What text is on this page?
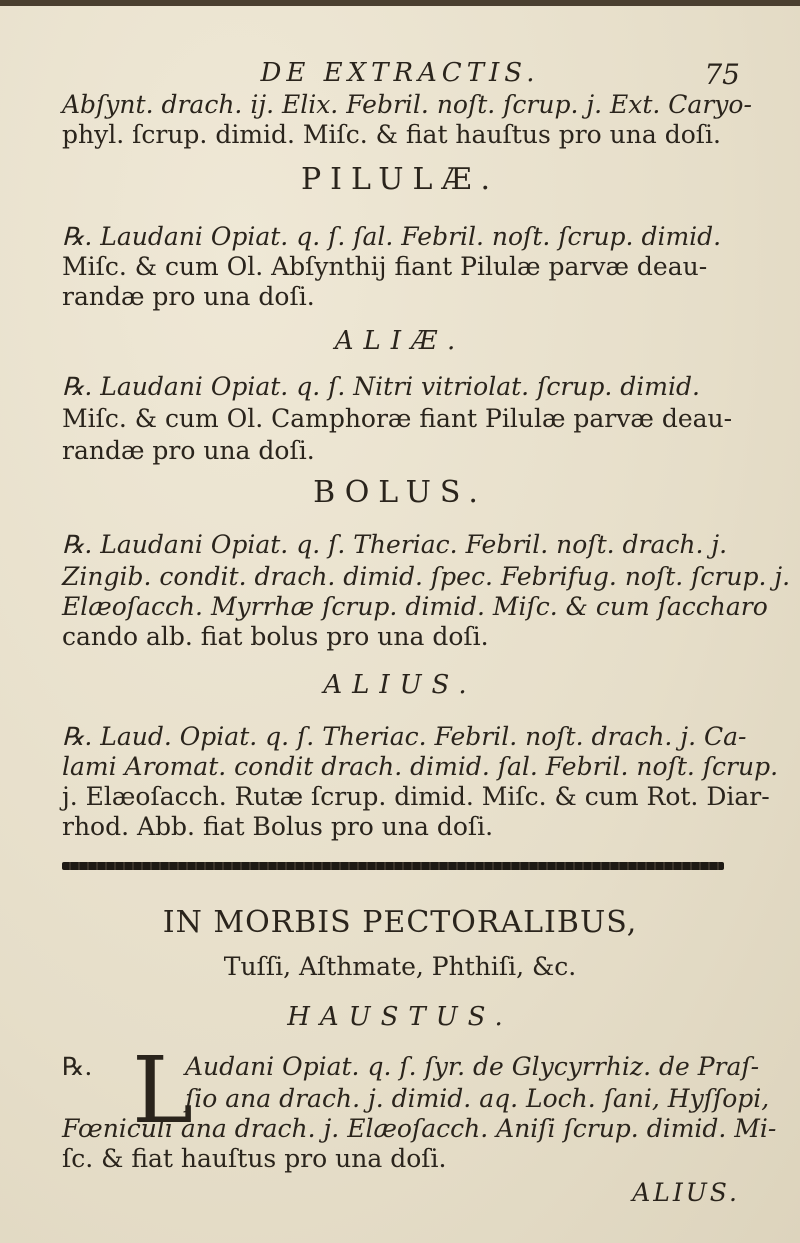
DE EXTRACTIS.	75
Abſynt. drach. ij. Elix. Febril. noſt. ſcrup. j. Ext. Caryo-
phyl. ſcrup. dimid. Miſc. & fiat hauſtus pro una doſi.
PILULÆ.
℞. Laudani Opiat. q. ſ. ſal. Febril. noſt. ſcrup. dimid.
Miſc. & cum Ol. Abſynthij fiant Pilulæ parvæ deau-
randæ pro una doſi.
ALIÆ.
℞. Laudani Opiat. q. ſ. Nitri vitriolat. ſcrup. dimid.
Miſc. & cum Ol. Camphoræ fiant Pilulæ parvæ deau-
randæ pro una doſi.
BOLUS.
℞. Laudani Opiat. q. ſ. Theriac. Febril. noſt. drach. j.
Zingib. condit. drach. dimid. ſpec. Febrifug. noſt. ſcrup. j.
Elæoſacch. Myrrhæ ſcrup. dimid. Miſc. & cum ſaccharo
cando alb. fiat bolus pro una doſi.
ALIUS.
℞. Laud. Opiat. q. ſ. Theriac. Febril. noſt. drach. j. Ca-
lami Aromat. condit drach. dimid. ſal. Febril. noſt. ſcrup.
j. Elæoſacch. Rutæ ſcrup. dimid. Miſc. & cum Rot. Diar-
rhod. Abb. fiat Bolus pro una doſi.
IN MORBIS PECTORALIBUS,
Tuſſi, Aſthmate, Phthiſi, &c.
HAUSTUS.
℞. L
Audani Opiat. q. ſ. ſyr. de Glycyrrhiz. de Praſ-
ſio ana drach. j. dimid. aq. Loch. ſani, Hyſſopi,
Fœniculi ana drach. j. Elæoſacch. Aniſi ſcrup. dimid. Mi-
ſc. & fiat hauſtus pro una doſi.
ALIUS.
